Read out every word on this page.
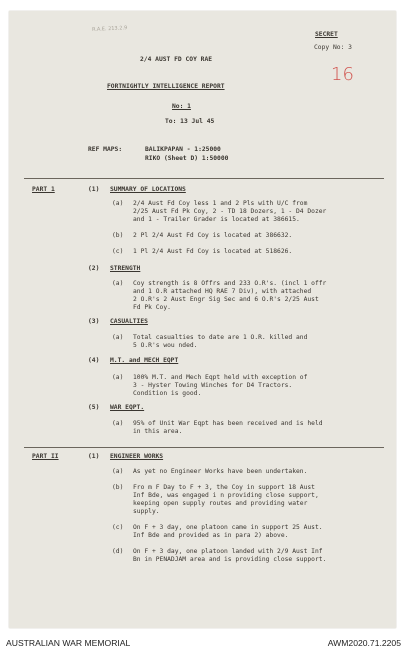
R.A.E. 213.2.9
SECRET
Copy No: 3
16
2/4 AUST FD COY RAE
FORTNIGHTLY INTELLIGENCE REPORT
No: 1
To: 13 Jul 45
REF MAPS:	BALIKPAPAN - 1:25000
RIKO (Sheet D) 1:50000
PART 1	(1) SUMMARY OF LOCATIONS
(a) 2/4 Aust Fd Coy less 1 and 2 Pls with U/C from
2/25 Aust Fd Pk Coy, 2 - TD 18 Dozers, 1 - D4 Dozer
and 1 - Trailer Grader is located at 386615.
(b) 2 Pl 2/4 Aust Fd Coy is located at 386632.
(c) 1 Pl 2/4 Aust Fd Coy is located at 518626.
(2) STRENGTH
(a) Coy strength is 8 Offrs and 233 O.R's. (incl 1 offr
and 1 O.R attached HQ RAE 7 Div), with attached
2 O.R's 2 Aust Engr Sig Sec and 6 O.R's 2/25 Aust
Fd Pk Coy.
(3) CASUALTIES
(a) Total casualties to date are 1 O.R. killed and
5 O.R's wou nded.
(4) M.T. and MECH EQPT
(a) 100% M.T. and Mech Eqpt held with exception of
3 - Hyster Towing Winches for D4 Tractors.
Condition is good.
(5) WAR EQPT.
(a) 95% of Unit War Eqpt has been received and is held
in this area.
PART II	(1) ENGINEER WORKS
(a) As yet no Engineer Works have been undertaken.
(b) Fro m F Day to F + 3, the Coy in support 18 Aust
Inf Bde, was engaged i n providing close support,
keeping open supply routes and providing water
supply.
(c) On F + 3 day, one platoon came in support 25 Aust.
Inf Bde and provided as in para 2) above.
(d) On F + 3 day, one platoon landed with 2/9 Aust Inf
Bn in PENADJAM area and is providing close support.
AUSTRALIAN WAR MEMORIAL	AWM2020.71.2205
